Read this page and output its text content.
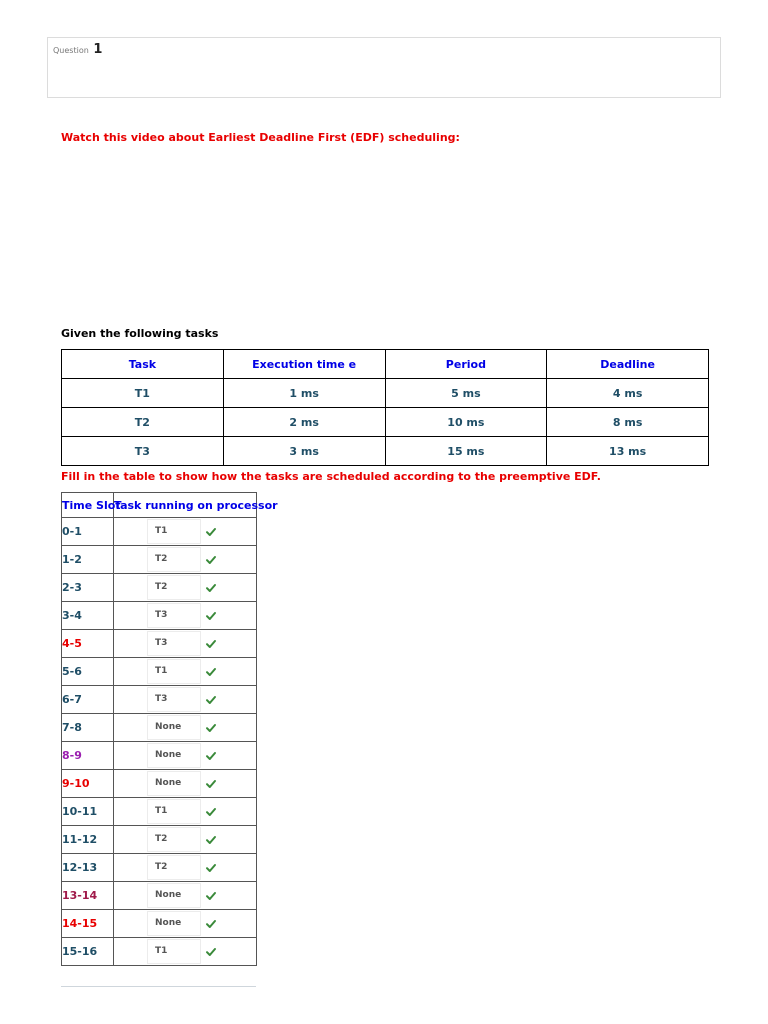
Question 1
Watch this video about Earliest Deadline First (EDF) scheduling:
Given the following tasks
Task	Execution time e	Period	Deadline
T1	1 ms	5 ms	4 ms
T2	2 ms	10 ms	8 ms
T3	3 ms	15 ms	13 ms
Fill in the table to show how the tasks are scheduled according to the preemptive EDF.
Time Slot	Task running on processor
0-1	T1

1-2	T2

2-3	T2

3-4	T3

4-5	T3

5-6	T1

6-7	T3

7-8	None

8-9	None

9-10	None

10-11	T1

11-12	T2

12-13	T2

13-14	None

14-15	None

15-16	T1
